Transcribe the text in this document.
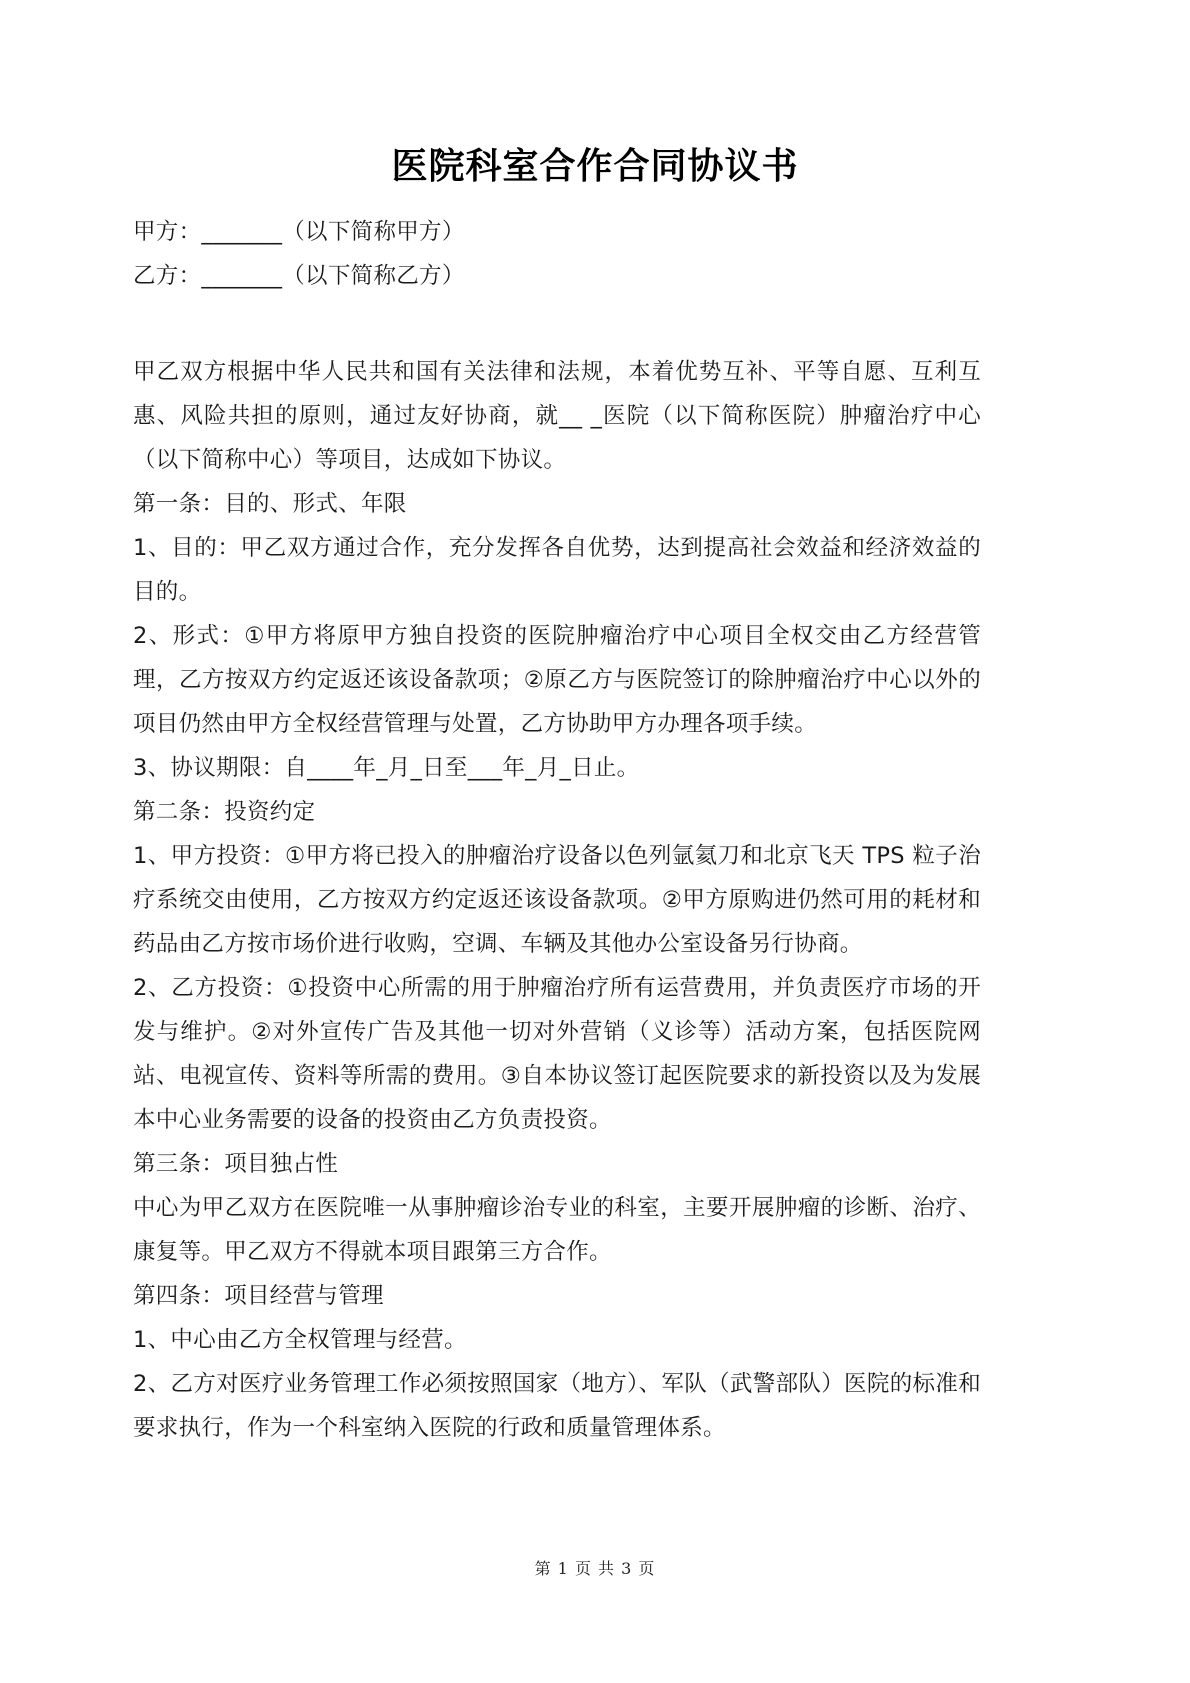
医院科室合作合同协议书
甲方：_______（以下简称甲方）
乙方：_______（以下简称乙方）
甲乙双方根据中华人民共和国有关法律和法规，本着优势互补、平等自愿、互利互惠、风险共担的原则，通过友好协商，就__ _医院（以下简称医院）肿瘤治疗中心（以下简称中心）等项目，达成如下协议。
第一条：目的、形式、年限
1、目的：甲乙双方通过合作，充分发挥各自优势，达到提高社会效益和经济效益的目的。
2、形式：①甲方将原甲方独自投资的医院肿瘤治疗中心项目全权交由乙方经营管理，乙方按双方约定返还该设备款项；②原乙方与医院签订的除肿瘤治疗中心以外的项目仍然由甲方全权经营管理与处置，乙方协助甲方办理各项手续。
3、协议期限：自____年_月_日至___年_月_日止。
第二条：投资约定
1、甲方投资：①甲方将已投入的肿瘤治疗设备以色列氩氦刀和北京飞天 TPS 粒子治疗系统交由使用，乙方按双方约定返还该设备款项。②甲方原购进仍然可用的耗材和药品由乙方按市场价进行收购，空调、车辆及其他办公室设备另行协商。
2、乙方投资：①投资中心所需的用于肿瘤治疗所有运营费用，并负责医疗市场的开发与维护。②对外宣传广告及其他一切对外营销（义诊等）活动方案，包括医院网站、电视宣传、资料等所需的费用。③自本协议签订起医院要求的新投资以及为发展本中心业务需要的设备的投资由乙方负责投资。
第三条：项目独占性
中心为甲乙双方在医院唯一从事肿瘤诊治专业的科室，主要开展肿瘤的诊断、治疗、康复等。甲乙双方不得就本项目跟第三方合作。
第四条：项目经营与管理
1、中心由乙方全权管理与经营。
2、乙方对医疗业务管理工作必须按照国家（地方）、军队（武警部队）医院的标准和要求执行，作为一个科室纳入医院的行政和质量管理体系。
第 1 页 共 3 页
